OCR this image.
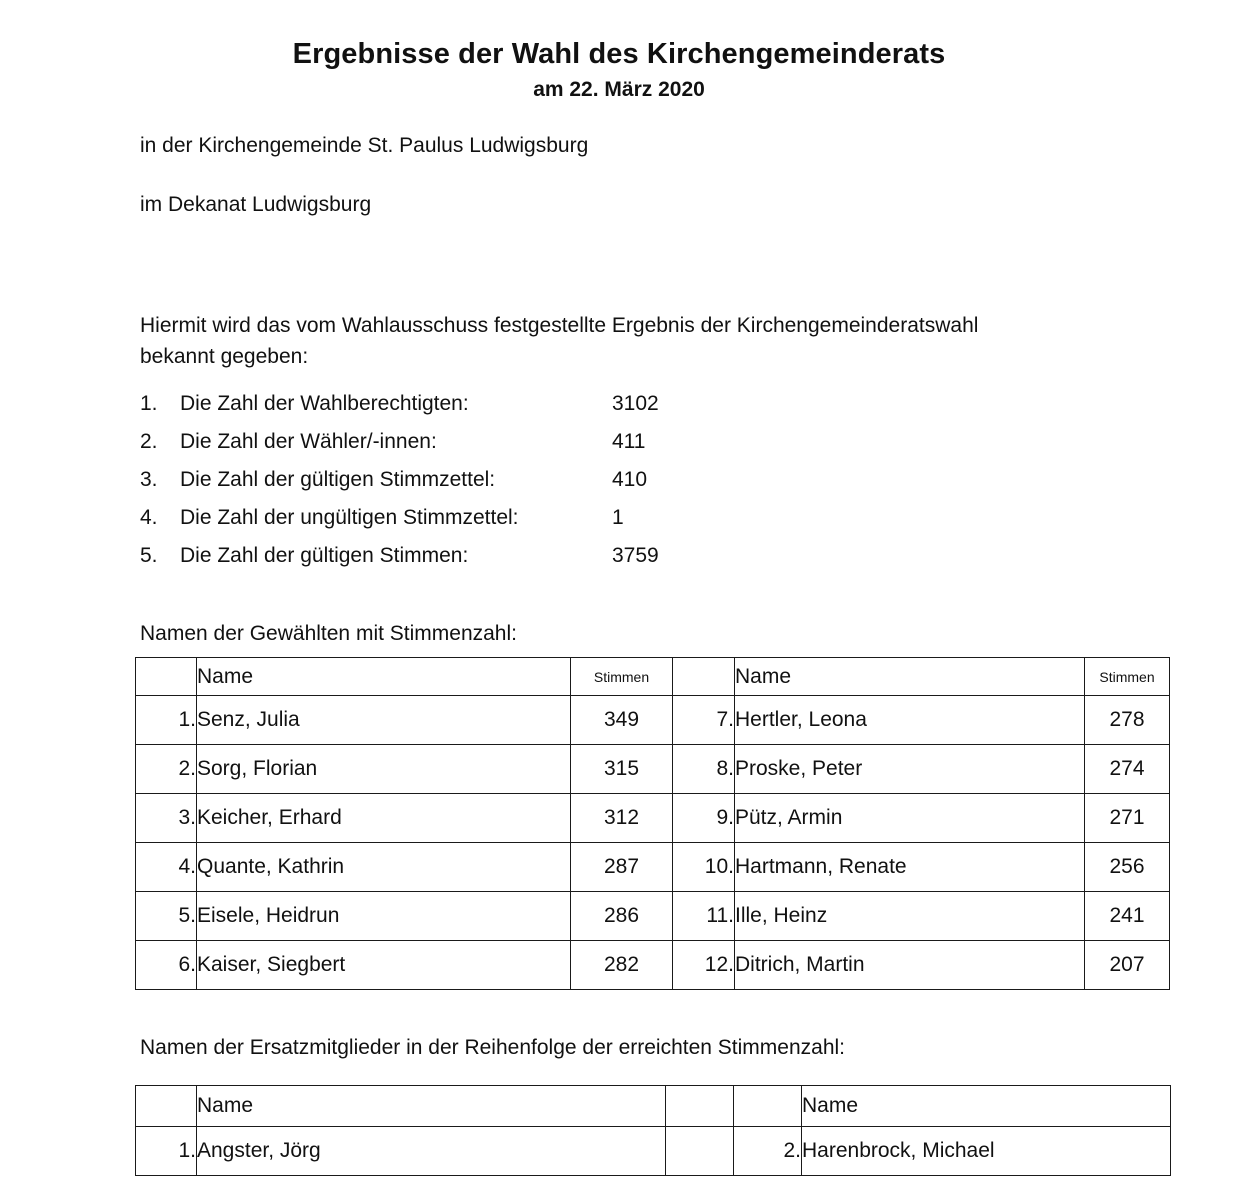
Ergebnisse der Wahl des Kirchengemeinderats
am 22. März 2020
in der Kirchengemeinde St. Paulus Ludwigsburg
im Dekanat Ludwigsburg
Hiermit wird das vom Wahlausschuss festgestellte Ergebnis der Kirchengemeinderatswahl
bekannt gegeben:
1.	Die Zahl der Wahlberechtigten:	3102
2.	Die Zahl der Wähler/-innen:	411
3.	Die Zahl der gültigen Stimmzettel:	410
4.	Die Zahl der ungültigen Stimmzettel:	1
5.	Die Zahl der gültigen Stimmen:	3759
Namen der Gewählten mit Stimmenzahl:
	Name	Stimmen		Name	Stimmen
1.	Senz, Julia	349	7.	Hertler, Leona	278
2.	Sorg, Florian	315	8.	Proske, Peter	274
3.	Keicher, Erhard	312	9.	Pütz, Armin	271
4.	Quante, Kathrin	287	10.	Hartmann, Renate	256
5.	Eisele, Heidrun	286	11.	Ille, Heinz	241
6.	Kaiser, Siegbert	282	12.	Ditrich, Martin	207
Namen der Ersatzmitglieder in der Reihenfolge der erreichten Stimmenzahl:
	Name			Name
1.	Angster, Jörg		2.	Harenbrock, Michael
